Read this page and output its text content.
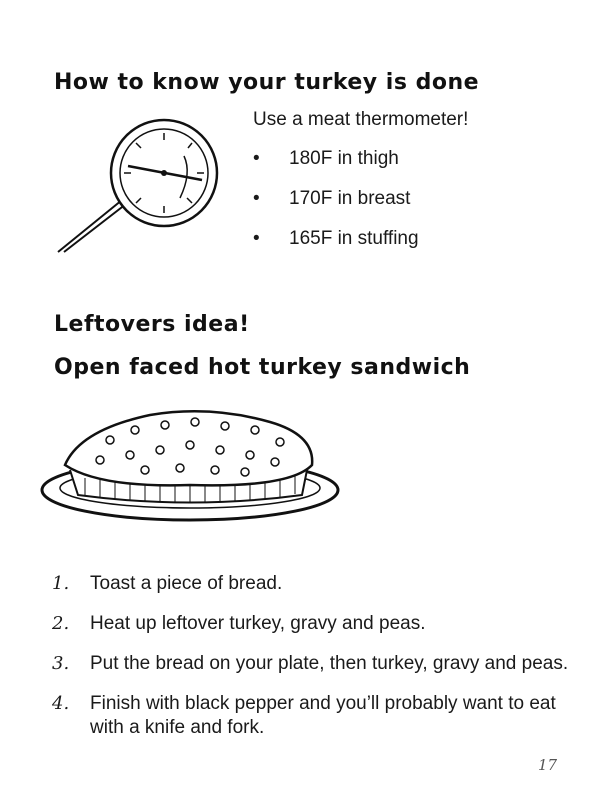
How to know your turkey is done
Use a meat thermometer!
•	180F in thigh
•	170F in breast
•	165F in stuffing
Leftovers idea!
Open faced hot turkey sandwich
1.	Toast a piece of bread.
2.	Heat up leftover turkey, gravy and peas.
3.	Put the bread on your plate, then turkey, gravy and peas.
4.	Finish with black pepper and you’ll probably want to eat with a knife and fork.
17
